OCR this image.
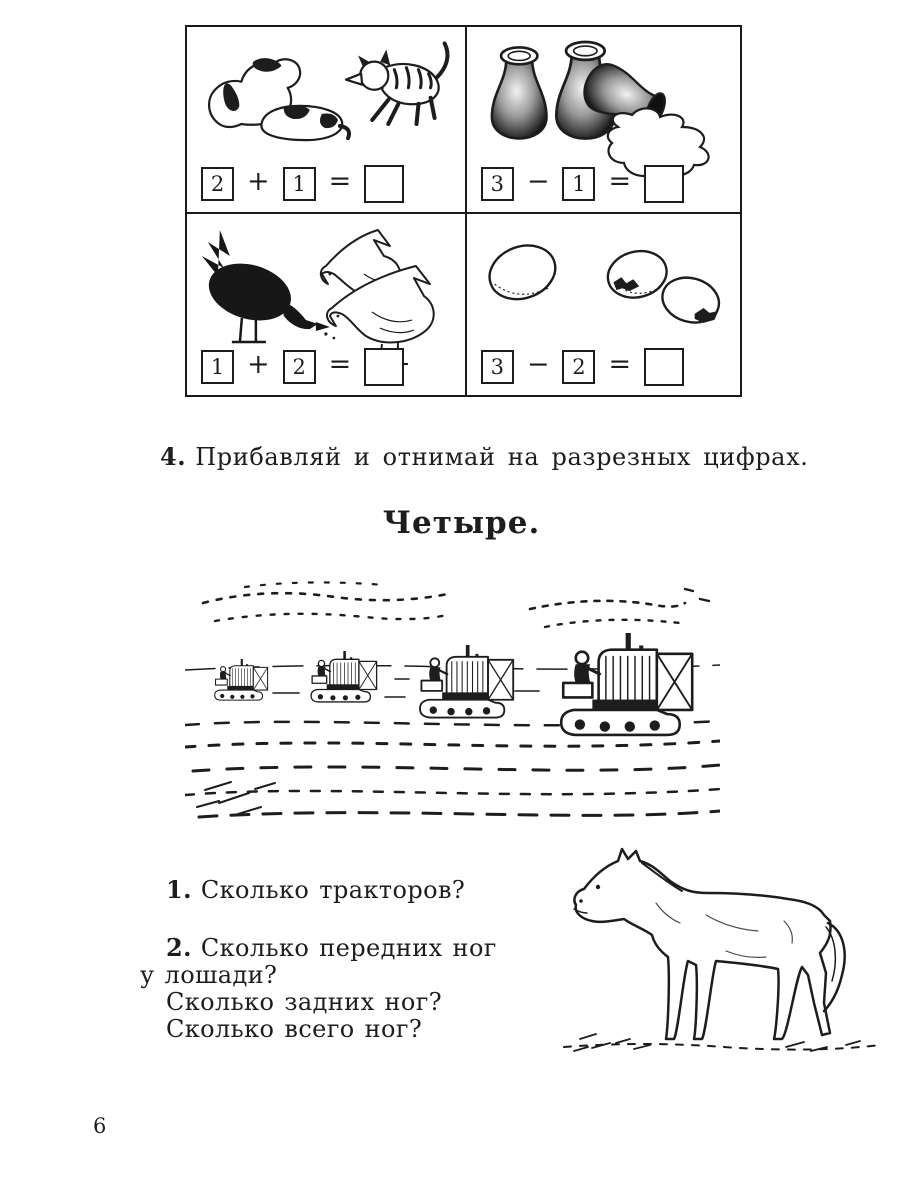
2 +	1 =	3 −	1 =
1 +	2 =	3 −	2 =
4. Прибавляй и отнимай на разрезных цифрах.
Четыре.

1. Сколько тракторов?

2. Сколько передних ног

у лошади?

Сколько задних ног?

Сколько всего ног?

6
